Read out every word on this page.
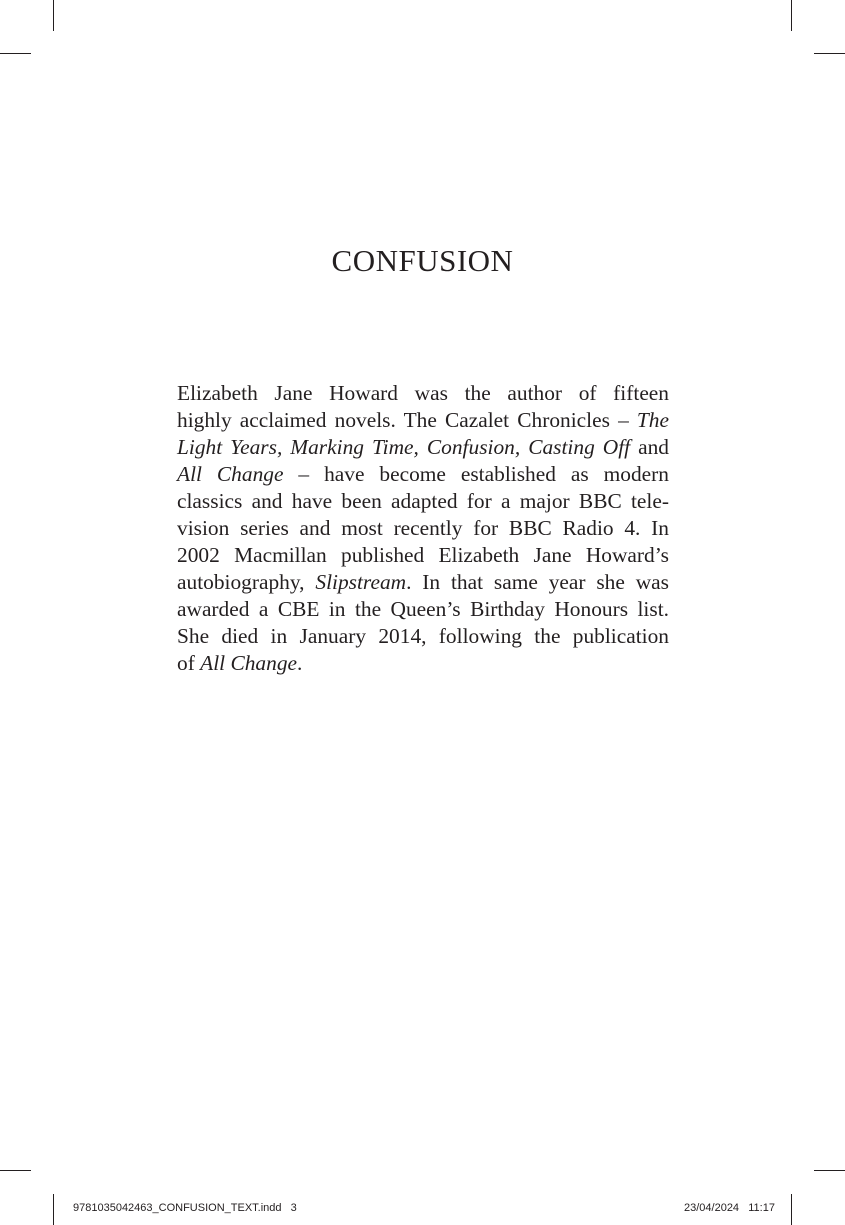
CONFUSION

Elizabeth Jane Howard was the author of fifteen
highly acclaimed novels. The Cazalet Chronicles – The
Light Years, Marking Time, Confusion, Casting Off and
All Change – have become established as modern
classics and have been adapted for a major BBC tele-
vision series and most recently for BBC Radio 4. In
2002 Macmillan published Elizabeth Jane Howard’s
autobiography, Slipstream. In that same year she was
awarded a CBE in the Queen’s Birthday Honours list.
She died in January 2014, following the publication
of All Change.

9781035042463_CONFUSION_TEXT.indd   3	23/04/2024   11:17
